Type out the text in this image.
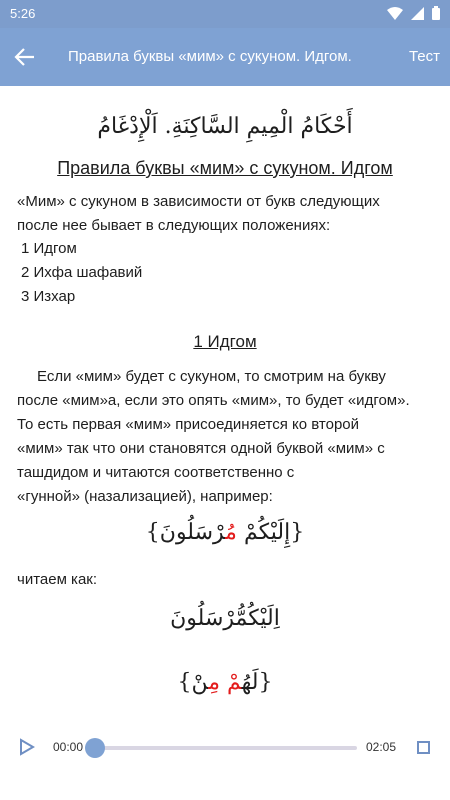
5:26
Правила буквы «мим» с сукуном. Идгом.	Тест
أَحْكَامُ الْمِيمِ السَّاكِنَةِ. اَلْإِدْغَامُ
Правила буквы «мим» с сукуном. Идгом
«Мим» с сукуном в зависимости от букв следующих
после нее бывает в следующих положениях:
1 Идгом
2 Ихфа шафавий
3 Изхар
1 Идгом
Если «мим» будет с сукуном, то смотрим на букву
после «мим»а, если это опять «мим», то будет «идгом».
То есть первая «мим» присоединяется ко второй
«мим» так что они становятся одной буквой «мим» с
ташдидом и читаются соответственно с
«гунной» (назализацией), например:
{إِلَيْكُمْ مُرْسَلُونَ}
читаем как:
اِلَيْكُمُّرْسَلُونَ
{لَهُمْ مِنْ}
00:00	02:05
